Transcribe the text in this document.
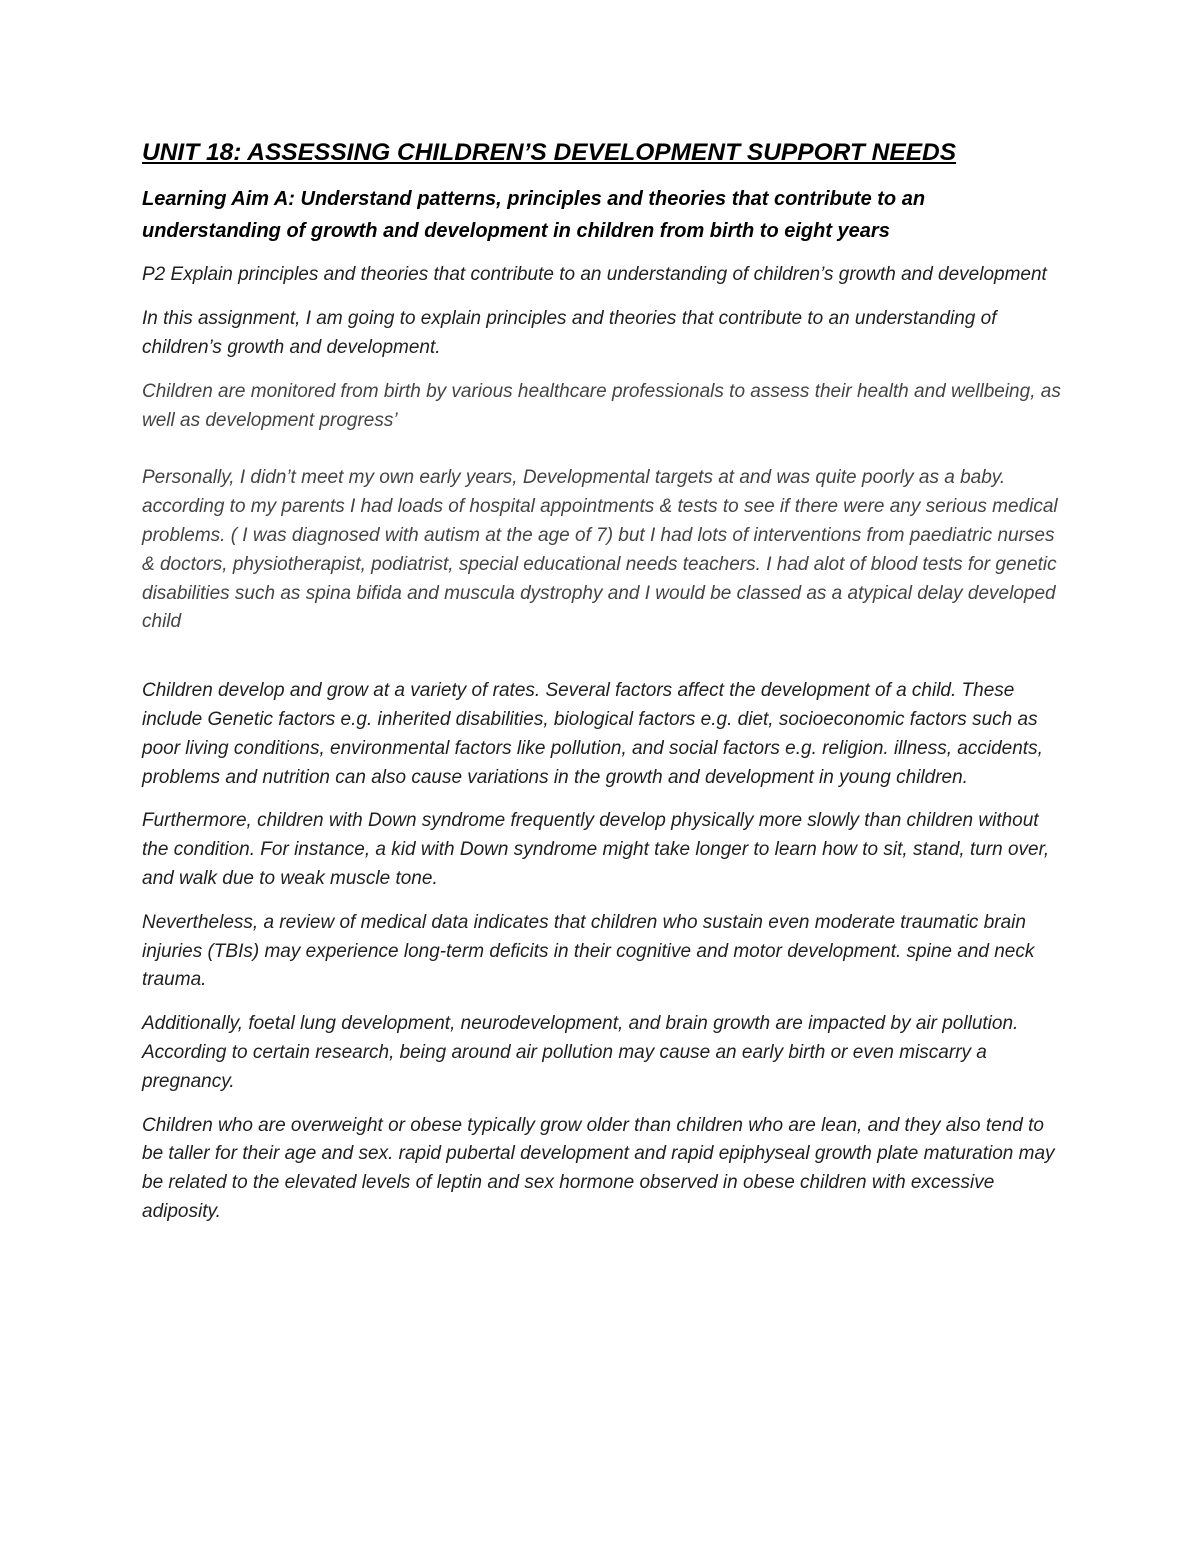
UNIT 18: ASSESSING CHILDREN’S DEVELOPMENT SUPPORT NEEDS
Learning Aim A: Understand patterns, principles and theories that contribute to an understanding of growth and development in children from birth to eight years

P2 Explain principles and theories that contribute to an understanding of children’s growth and development

In this assignment, I am going to explain principles and theories that contribute to an understanding of children’s growth and development.

Children are monitored from birth by various healthcare professionals to assess their health and wellbeing, as well as development progress’

Personally, I didn’t meet my own early years, Developmental targets at and was quite poorly as a baby. according to my parents I had loads of hospital appointments & tests to see if there were any serious medical problems. ( I was diagnosed with autism at the age of 7) but I had lots of interventions from paediatric nurses & doctors, physiotherapist, podiatrist, special educational needs teachers. I had alot of blood tests for genetic disabilities such as spina bifida and muscula dystrophy and I would be classed as a atypical delay developed child

Children develop and grow at a variety of rates. Several factors affect the development of a child. These include Genetic factors e.g. inherited disabilities, biological factors e.g. diet, socioeconomic factors such as poor living conditions, environmental factors like pollution, and social factors e.g. religion. illness, accidents, problems and nutrition can also cause variations in the growth and development in young children.

Furthermore, children with Down syndrome frequently develop physically more slowly than children without the condition. For instance, a kid with Down syndrome might take longer to learn how to sit, stand, turn over, and walk due to weak muscle tone.

Nevertheless, a review of medical data indicates that children who sustain even moderate traumatic brain injuries (TBIs) may experience long-term deficits in their cognitive and motor development. spine and neck trauma.

Additionally, foetal lung development, neurodevelopment, and brain growth are impacted by air pollution. According to certain research, being around air pollution may cause an early birth or even miscarry a pregnancy.

Children who are overweight or obese typically grow older than children who are lean, and they also tend to be taller for their age and sex. rapid pubertal development and rapid epiphyseal growth plate maturation may be related to the elevated levels of leptin and sex hormone observed in obese children with excessive adiposity.
